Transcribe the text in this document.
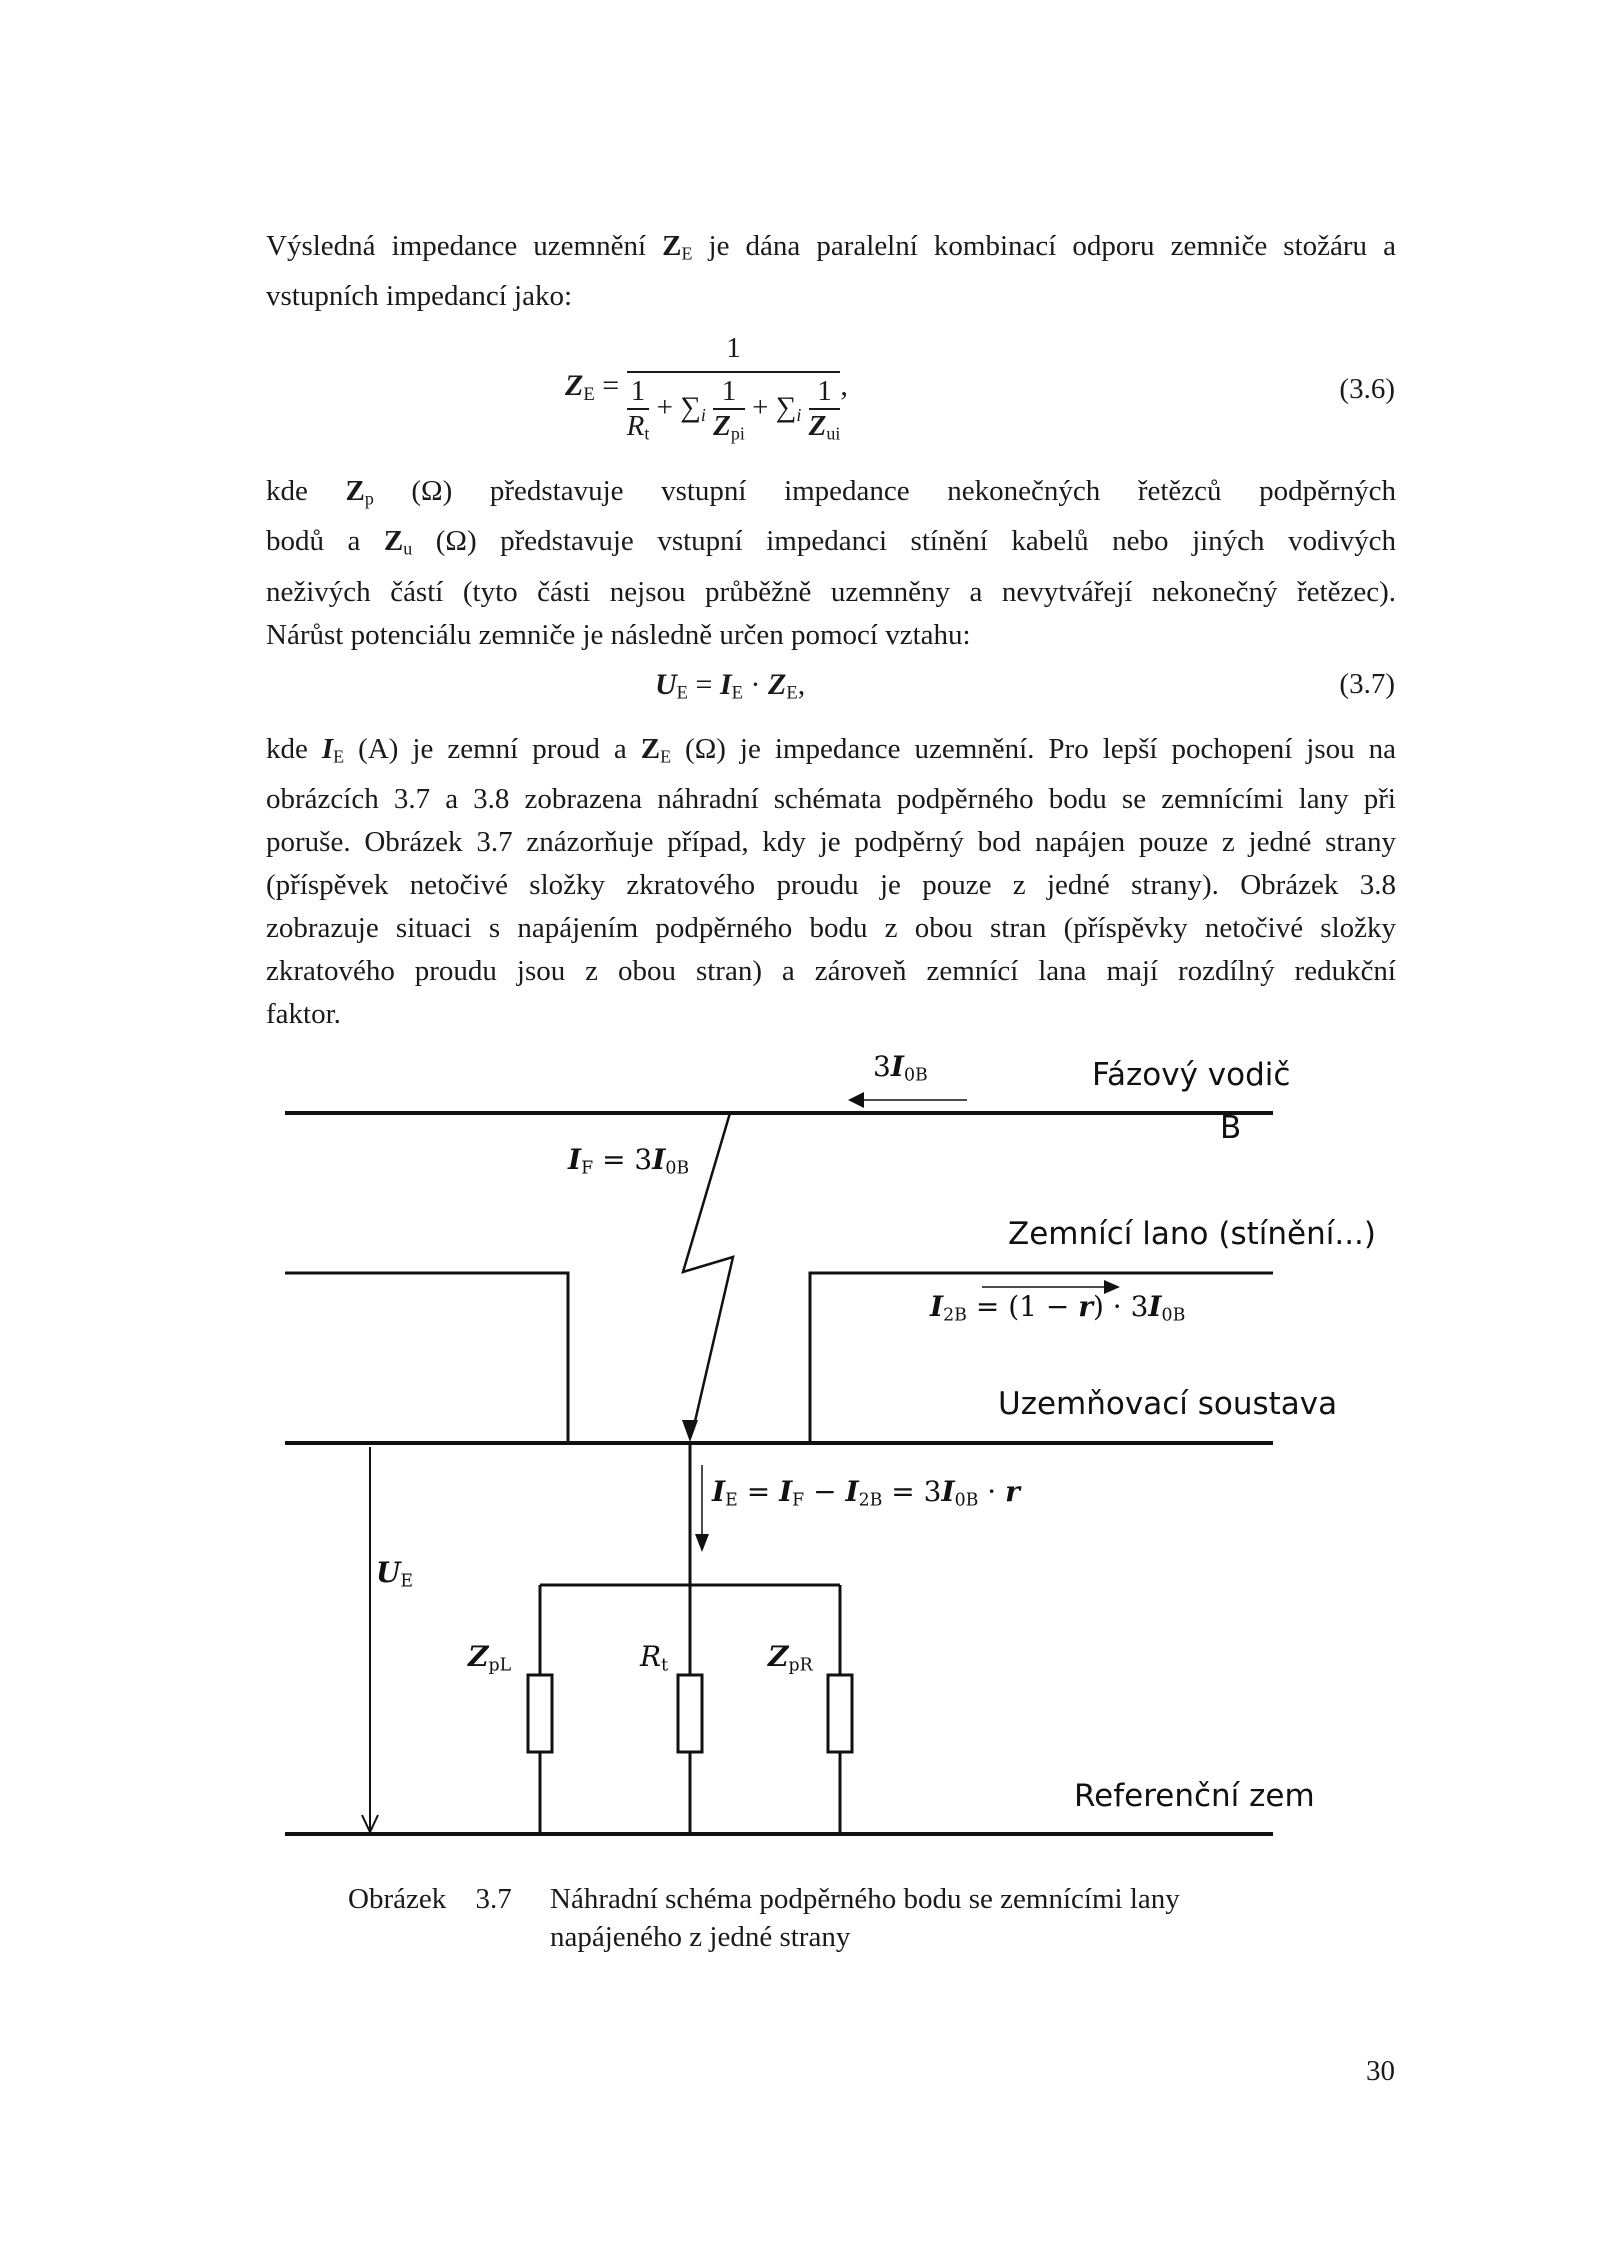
Výsledná impedance uzemnění $Z_E$ je dána paralelní kombinací odporu zemniče stožáru a
vstupních impedancí jako:
$Z_E = \frac{1}{\frac{1}{R_t} + \sum_i \frac{1}{Z_{pi}} + \sum_i \frac{1}{Z_{ui}}}$ ,	(3.6)
kde $Z_p$ (Ω) představuje vstupní impedance nekonečných řetězců podpěrných
bodů a $Z_u$ (Ω) představuje vstupní impedanci stínění kabelů nebo jiných vodivých
neživých částí (tyto části nejsou průběžně uzemněny a nevytvářejí nekonečný řetězec).
Nárůst potenciálu zemniče je následně určen pomocí vztahu:
$U_E = I_E \cdot Z_E$,	(3.7)
kde $I_E$ (A) je zemní proud a $Z_E$ (Ω) je impedance uzemnění. Pro lepší pochopení jsou na
obrázcích 3.7 a 3.8 zobrazena náhradní schémata podpěrného bodu se zemnícími lany při
poruše. Obrázek 3.7 znázorňuje případ, kdy je podpěrný bod napájen pouze z jedné strany
(příspěvek netočivé složky zkratového proudu je pouze z jedné strany). Obrázek 3.8
zobrazuje situaci s napájením podpěrného bodu z obou stran (příspěvky netočivé složky
zkratového proudu jsou z obou stran) a zároveň zemnící lana mají rozdílný redukční
faktor.
Fázový vodič
B
Zemnící lano (stínění...)
Uzemňovací soustava
Referenční zem
$3I_{0B}$
$I_F = 3I_{0B}$
$I_{2B} = (1 - r) \cdot 3I_{0B}$
$I_E = I_F - I_{2B} = 3I_{0B} \cdot r$
$U_E$
$Z_{pL}$	$R_t$	$Z_{pR}$
Obrázek 3.7 Náhradní schéma podpěrného bodu se zemnícími lany
napájeného z jedné strany
30
